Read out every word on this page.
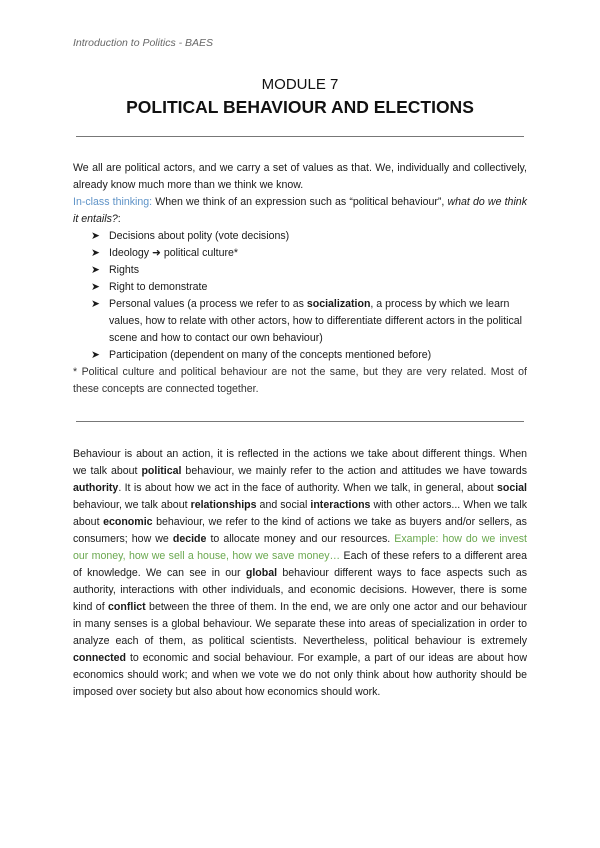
Introduction to Politics - BAES
MODULE 7
POLITICAL BEHAVIOUR AND ELECTIONS

We all are political actors, and we carry a set of values as that. We, individually and collectively, already know much more than we think we know.

In-class thinking: When we think of an expression such as “political behaviour”, what do we think it entails?:

➤ Decisions about polity (vote decisions)
➤ Ideology ➜ political culture*
➤ Rights
➤ Right to demonstrate
➤ Personal values (a process we refer to as socialization, a process by which we learn values, how to relate with other actors, how to differentiate different actors in the political scene and how to contact our own behaviour)
➤ Participation (dependent on many of the concepts mentioned before)

* Political culture and political behaviour are not the same, but they are very related. Most of these concepts are connected together.

Behaviour is about an action, it is reflected in the actions we take about different things. When we talk about political behaviour, we mainly refer to the action and attitudes we have towards authority. It is about how we act in the face of authority. When we talk, in general, about social behaviour, we talk about relationships and social interactions with other actors... When we talk about economic behaviour, we refer to the kind of actions we take as buyers and/or sellers, as consumers; how we decide to allocate money and our resources. Example: how do we invest our money, how we sell a house, how we save money… Each of these refers to a different area of knowledge. We can see in our global behaviour different ways to face aspects such as authority, interactions with other individuals, and economic decisions. However, there is some kind of conflict between the three of them. In the end, we are only one actor and our behaviour in many senses is a global behaviour. We separate these into areas of specialization in order to analyze each of them, as political scientists. Nevertheless, political behaviour is extremely connected to economic and social behaviour. For example, a part of our ideas are about how economics should work; and when we vote we do not only think about how authority should be imposed over society but also about how economics should work.
